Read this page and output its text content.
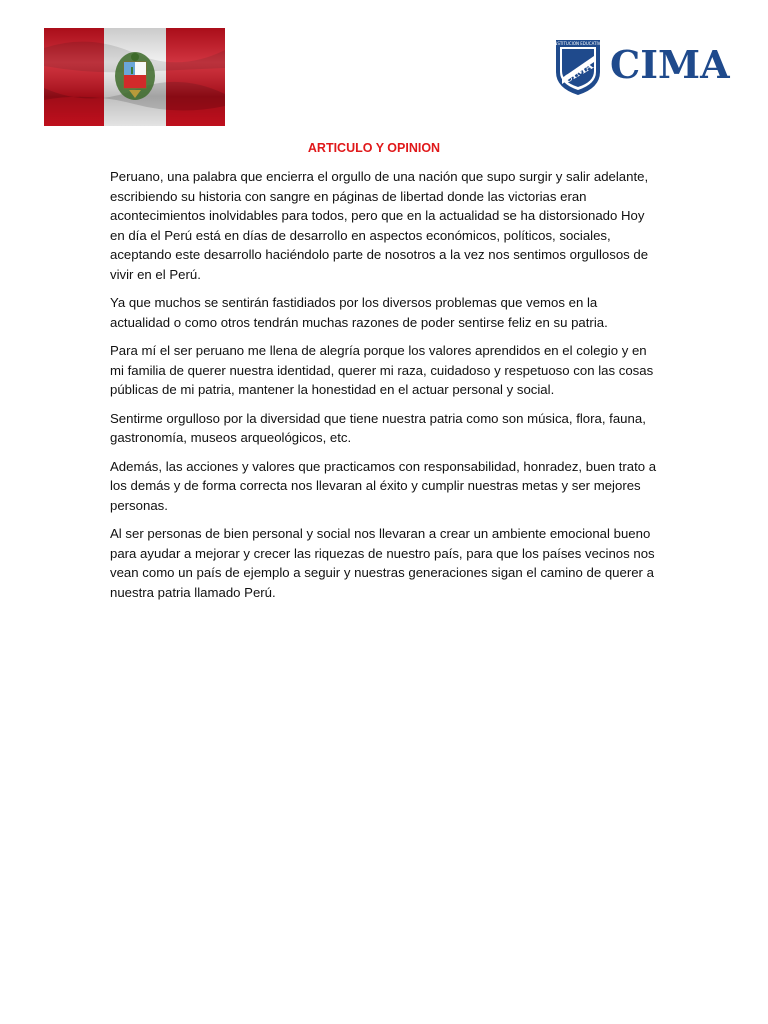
CIMA
INSTITUCION EDUCATIVA CIMA
ARTICULO Y OPINION

Peruano, una palabra que encierra el orgullo de una nación que supo surgir y salir adelante, escribiendo su historia con sangre en páginas de libertad donde las victorias eran acontecimientos inolvidables para todos, pero que en la actualidad se ha distorsionado Hoy en día el Perú está en días de desarrollo en aspectos económicos, políticos, sociales, aceptando este desarrollo haciéndolo parte de nosotros a la vez nos sentimos orgullosos de vivir en el Perú.

Ya que muchos se sentirán fastidiados por los diversos problemas que vemos en la actualidad o como otros tendrán muchas razones de poder sentirse feliz en su patria.

Para mí el ser peruano me llena de alegría porque los valores aprendidos en el colegio y en mi familia de querer nuestra identidad, querer mi raza, cuidadoso y respetuoso con las cosas públicas de mi patria, mantener la honestidad en el actuar personal y social.

Sentirme orgulloso por la diversidad que tiene nuestra patria como son música, flora, fauna, gastronomía, museos arqueológicos, etc.

Además, las acciones y valores que practicamos con responsabilidad, honradez, buen trato a los demás y de forma correcta nos llevaran al éxito y cumplir nuestras metas y ser mejores personas.

Al ser personas de bien personal y social nos llevaran a crear un ambiente emocional bueno para ayudar a mejorar y crecer las riquezas de nuestro país, para que los países vecinos nos vean como un país de ejemplo a seguir y nuestras generaciones sigan el camino de querer a nuestra patria llamado Perú.
